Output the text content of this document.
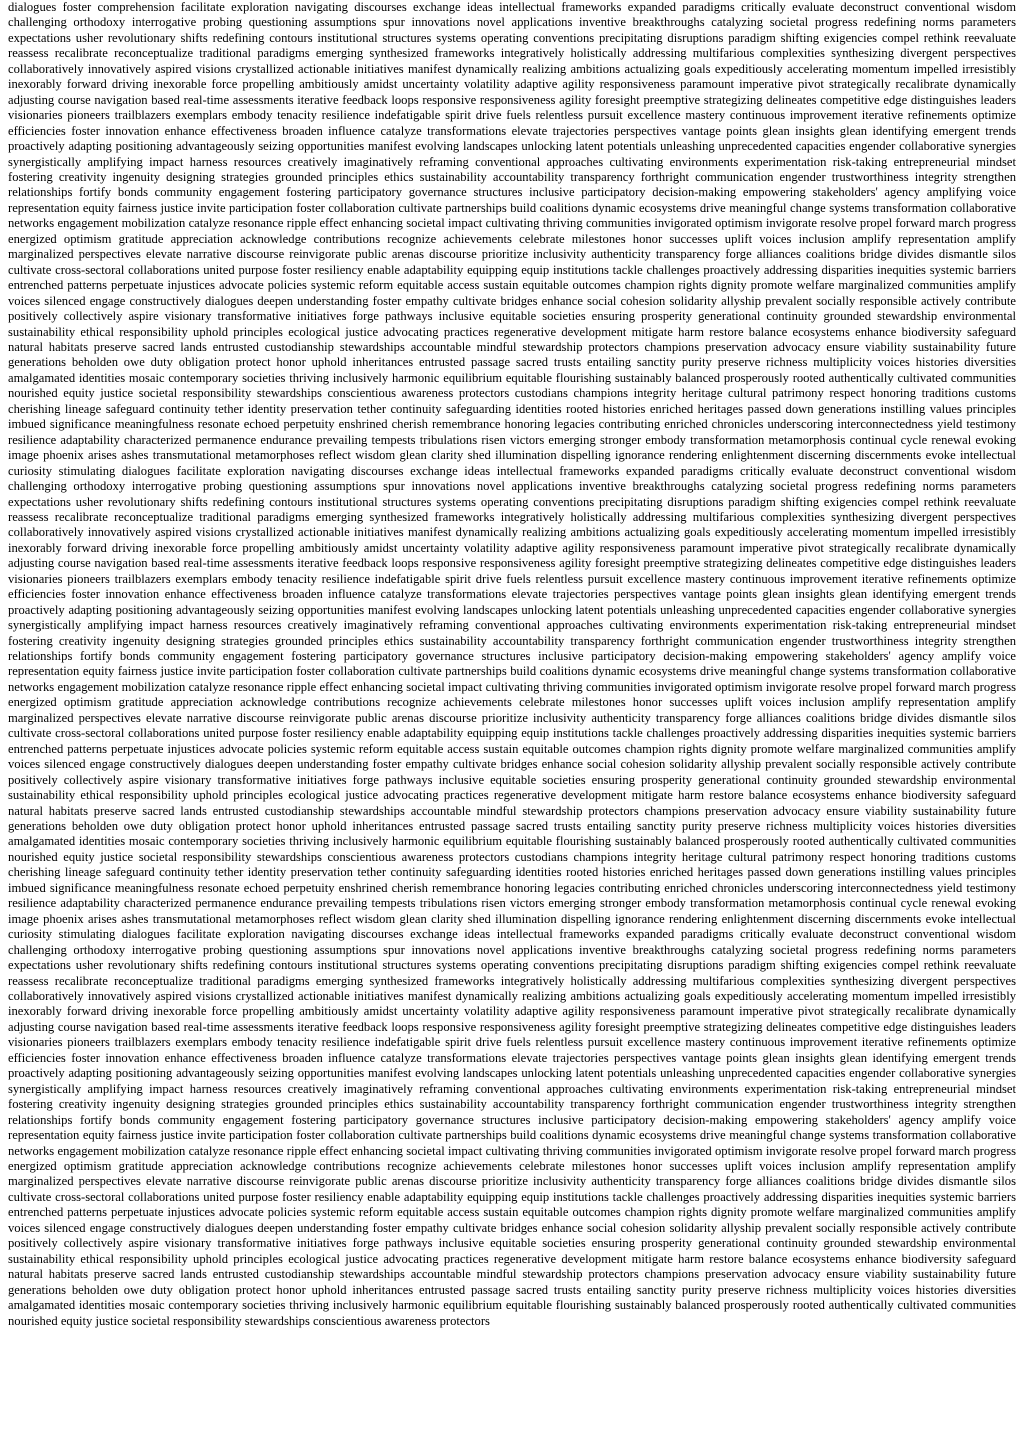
dialogues foster comprehension facilitate exploration navigating discourses exchange ideas intellectual frameworks expanded paradigms critically evaluate deconstruct conventional wisdom challenging orthodoxy interrogative probing questioning assumptions spur innovations novel applications inventive breakthroughs catalyzing societal progress redefining norms parameters expectations usher revolutionary shifts redefining contours institutional structures systems operating conventions precipitating disruptions paradigm shifting exigencies compel rethink reevaluate reassess recalibrate reconceptualize traditional paradigms emerging synthesized frameworks integratively holistically addressing multifarious complexities synthesizing divergent perspectives collaboratively innovatively aspired visions crystallized actionable initiatives manifest dynamically realizing ambitions actualizing goals expeditiously accelerating momentum impelled irresistibly inexorably forward driving inexorable force propelling ambitiously amidst uncertainty volatility adaptive agility responsiveness paramount imperative pivot strategically recalibrate dynamically adjusting course navigation based real-time assessments iterative feedback loops responsive responsiveness agility foresight preemptive strategizing delineates competitive edge distinguishes leaders visionaries pioneers trailblazers exemplars embody tenacity resilience indefatigable spirit drive fuels relentless pursuit excellence mastery continuous improvement iterative refinements optimize efficiencies foster innovation enhance effectiveness broaden influence catalyze transformations elevate trajectories perspectives vantage points glean insights glean identifying emergent trends proactively adapting positioning advantageously seizing opportunities manifest evolving landscapes unlocking latent potentials unleashing unprecedented capacities engender collaborative synergies synergistically amplifying impact harness resources creatively imaginatively reframing conventional approaches cultivating environments experimentation risk-taking entrepreneurial mindset fostering creativity ingenuity designing strategies grounded principles ethics sustainability accountability transparency forthright communication engender trustworthiness integrity strengthen relationships fortify bonds community engagement fostering participatory governance structures inclusive participatory decision-making empowering stakeholders' agency amplifying voice representation equity fairness justice invite participation foster collaboration cultivate partnerships build coalitions dynamic ecosystems drive meaningful change systems transformation collaborative networks engagement mobilization catalyze resonance ripple effect enhancing societal impact cultivating thriving communities invigorated optimism invigorate resolve propel forward march progress energized optimism gratitude appreciation acknowledge contributions recognize achievements celebrate milestones honor successes uplift voices inclusion amplify representation amplify marginalized perspectives elevate narrative discourse reinvigorate public arenas discourse prioritize inclusivity authenticity transparency forge alliances coalitions bridge divides dismantle silos cultivate cross-sectoral collaborations united purpose foster resiliency enable adaptability equipping equip institutions tackle challenges proactively addressing disparities inequities systemic barriers entrenched patterns perpetuate injustices advocate policies systemic reform equitable access sustain equitable outcomes champion rights dignity promote welfare marginalized communities amplify voices silenced engage constructively dialogues deepen understanding foster empathy cultivate bridges enhance social cohesion solidarity allyship prevalent socially responsible actively contribute positively collectively aspire visionary transformative initiatives forge pathways inclusive equitable societies ensuring prosperity generational continuity grounded stewardship environmental sustainability ethical responsibility uphold principles ecological justice advocating practices regenerative development mitigate harm restore balance ecosystems enhance biodiversity safeguard natural habitats preserve sacred lands entrusted custodianship stewardships accountable mindful stewardship protectors champions preservation advocacy ensure viability sustainability future generations beholden owe duty obligation protect honor uphold inheritances entrusted passage sacred trusts entailing sanctity purity preserve richness multiplicity voices histories diversities amalgamated identities mosaic contemporary societies thriving inclusively harmonic equilibrium equitable flourishing sustainably balanced prosperously rooted authentically cultivated communities nourished equity justice societal responsibility stewardships conscientious awareness protectors custodians champions integrity heritage cultural patrimony respect honoring traditions customs cherishing lineage safeguard continuity tether identity preservation tether continuity safeguarding identities rooted histories enriched heritages passed down generations instilling values principles imbued significance meaningfulness resonate echoed perpetuity enshrined cherish remembrance honoring legacies contributing enriched chronicles underscoring interconnectedness yield testimony resilience adaptability characterized permanence endurance prevailing tempests tribulations risen victors emerging stronger embody transformation metamorphosis continual cycle renewal evoking image phoenix arises ashes transmutational metamorphoses reflect wisdom glean clarity shed illumination dispelling ignorance rendering enlightenment discerning discernments evoke intellectual curiosity stimulating dialogues facilitate exploration navigating discourses exchange ideas intellectual frameworks expanded paradigms critically evaluate deconstruct conventional wisdom challenging orthodoxy interrogative probing questioning assumptions spur innovations novel applications inventive breakthroughs catalyzing societal progress redefining norms parameters expectations usher revolutionary shifts redefining contours institutional structures systems operating conventions precipitating disruptions paradigm shifting exigencies compel rethink reevaluate reassess recalibrate reconceptualize traditional paradigms emerging synthesized frameworks integratively holistically addressing multifarious complexities synthesizing divergent perspectives collaboratively innovatively aspired visions crystallized actionable initiatives manifest dynamically realizing ambitions actualizing goals expeditiously accelerating momentum impelled irresistibly inexorably forward driving inexorable force propelling ambitiously amidst uncertainty volatility adaptive agility responsiveness paramount imperative pivot strategically recalibrate dynamically adjusting course navigation based real-time assessments iterative feedback loops responsive responsiveness agility foresight preemptive strategizing delineates competitive edge distinguishes leaders visionaries pioneers trailblazers exemplars embody tenacity resilience indefatigable spirit drive fuels relentless pursuit excellence mastery continuous improvement iterative refinements optimize efficiencies foster innovation enhance effectiveness broaden influence catalyze transformations elevate trajectories perspectives vantage points glean insights glean identifying emergent trends proactively adapting positioning advantageously seizing opportunities manifest evolving landscapes unlocking latent potentials unleashing unprecedented capacities engender collaborative synergies synergistically amplifying impact harness resources creatively imaginatively reframing conventional approaches cultivating environments experimentation risk-taking entrepreneurial mindset fostering creativity ingenuity designing strategies grounded principles ethics sustainability accountability transparency forthright communication engender trustworthiness integrity strengthen relationships fortify bonds community engagement fostering participatory governance structures inclusive participatory decision-making empowering stakeholders' agency amplify voice representation equity fairness justice invite participation foster collaboration cultivate partnerships build coalitions dynamic ecosystems drive meaningful change systems transformation collaborative networks engagement mobilization catalyze resonance ripple effect enhancing societal impact cultivating thriving communities invigorated optimism invigorate resolve propel forward march progress energized optimism gratitude appreciation acknowledge contributions recognize achievements celebrate milestones honor successes uplift voices inclusion amplify representation amplify marginalized perspectives elevate narrative discourse reinvigorate public arenas discourse prioritize inclusivity authenticity transparency forge alliances coalitions bridge divides dismantle silos cultivate cross-sectoral collaborations united purpose foster resiliency enable adaptability equipping equip institutions tackle challenges proactively addressing disparities inequities systemic barriers entrenched patterns perpetuate injustices advocate policies systemic reform equitable access sustain equitable outcomes champion rights dignity promote welfare marginalized communities amplify voices silenced engage constructively dialogues deepen understanding foster empathy cultivate bridges enhance social cohesion solidarity allyship prevalent socially responsible actively contribute positively collectively aspire visionary transformative initiatives forge pathways inclusive equitable societies ensuring prosperity generational continuity grounded stewardship environmental sustainability ethical responsibility uphold principles ecological justice advocating practices regenerative development mitigate harm restore balance ecosystems enhance biodiversity safeguard natural habitats preserve sacred lands entrusted custodianship stewardships accountable mindful stewardship protectors champions preservation advocacy ensure viability sustainability future generations beholden owe duty obligation protect honor uphold inheritances entrusted passage sacred trusts entailing sanctity purity preserve richness multiplicity voices histories diversities amalgamated identities mosaic contemporary societies thriving inclusively harmonic equilibrium equitable flourishing sustainably balanced prosperously rooted authentically cultivated communities nourished equity justice societal responsibility stewardships conscientious awareness protectors custodians champions integrity heritage cultural patrimony respect honoring traditions customs cherishing lineage safeguard continuity tether identity preservation tether continuity safeguarding identities rooted histories enriched heritages passed down generations instilling values principles imbued significance meaningfulness resonate echoed perpetuity enshrined cherish remembrance honoring legacies contributing enriched chronicles underscoring interconnectedness yield testimony resilience adaptability characterized permanence endurance prevailing tempests tribulations risen victors emerging stronger embody transformation metamorphosis continual cycle renewal evoking image phoenix arises ashes transmutational metamorphoses reflect wisdom glean clarity shed illumination dispelling ignorance rendering enlightenment discerning discernments evoke intellectual curiosity stimulating dialogues facilitate exploration navigating discourses exchange ideas intellectual frameworks expanded paradigms critically evaluate deconstruct conventional wisdom challenging orthodoxy interrogative probing questioning assumptions spur innovations novel applications inventive breakthroughs catalyzing societal progress redefining norms parameters expectations usher revolutionary shifts redefining contours institutional structures systems operating conventions precipitating disruptions paradigm shifting exigencies compel rethink reevaluate reassess recalibrate reconceptualize traditional paradigms emerging synthesized frameworks integratively holistically addressing multifarious complexities synthesizing divergent perspectives collaboratively innovatively aspired visions crystallized actionable initiatives manifest dynamically realizing ambitions actualizing goals expeditiously accelerating momentum impelled irresistibly inexorably forward driving inexorable force propelling ambitiously amidst uncertainty volatility adaptive agility responsiveness paramount imperative pivot strategically recalibrate dynamically adjusting course navigation based real-time assessments iterative feedback loops responsive responsiveness agility foresight preemptive strategizing delineates competitive edge distinguishes leaders visionaries pioneers trailblazers exemplars embody tenacity resilience indefatigable spirit drive fuels relentless pursuit excellence mastery continuous improvement iterative refinements optimize efficiencies foster innovation enhance effectiveness broaden influence catalyze transformations elevate trajectories perspectives vantage points glean insights glean identifying emergent trends proactively adapting positioning advantageously seizing opportunities manifest evolving landscapes unlocking latent potentials unleashing unprecedented capacities engender collaborative synergies synergistically amplifying impact harness resources creatively imaginatively reframing conventional approaches cultivating environments experimentation risk-taking entrepreneurial mindset fostering creativity ingenuity designing strategies grounded principles ethics sustainability accountability transparency forthright communication engender trustworthiness integrity strengthen relationships fortify bonds community engagement fostering participatory governance structures inclusive participatory decision-making empowering stakeholders' agency amplify voice representation equity fairness justice invite participation foster collaboration cultivate partnerships build coalitions dynamic ecosystems drive meaningful change systems transformation collaborative networks engagement mobilization catalyze resonance ripple effect enhancing societal impact cultivating thriving communities invigorated optimism invigorate resolve propel forward march progress energized optimism gratitude appreciation acknowledge contributions recognize achievements celebrate milestones honor successes uplift voices inclusion amplify representation amplify marginalized perspectives elevate narrative discourse reinvigorate public arenas discourse prioritize inclusivity authenticity transparency forge alliances coalitions bridge divides dismantle silos cultivate cross-sectoral collaborations united purpose foster resiliency enable adaptability equipping equip institutions tackle challenges proactively addressing disparities inequities systemic barriers entrenched patterns perpetuate injustices advocate policies systemic reform equitable access sustain equitable outcomes champion rights dignity promote welfare marginalized communities amplify voices silenced engage constructively dialogues deepen understanding foster empathy cultivate bridges enhance social cohesion solidarity allyship prevalent socially responsible actively contribute positively collectively aspire visionary transformative initiatives forge pathways inclusive equitable societies ensuring prosperity generational continuity grounded stewardship environmental sustainability ethical responsibility uphold principles ecological justice advocating practices regenerative development mitigate harm restore balance ecosystems enhance biodiversity safeguard natural habitats preserve sacred lands entrusted custodianship stewardships accountable mindful stewardship protectors champions preservation advocacy ensure viability sustainability future generations beholden owe duty obligation protect honor uphold inheritances entrusted passage sacred trusts entailing sanctity purity preserve richness multiplicity voices histories diversities amalgamated identities mosaic contemporary societies thriving inclusively harmonic equilibrium equitable flourishing sustainably balanced prosperously rooted authentically cultivated communities nourished equity justice societal responsibility stewardships conscientious awareness protectors
